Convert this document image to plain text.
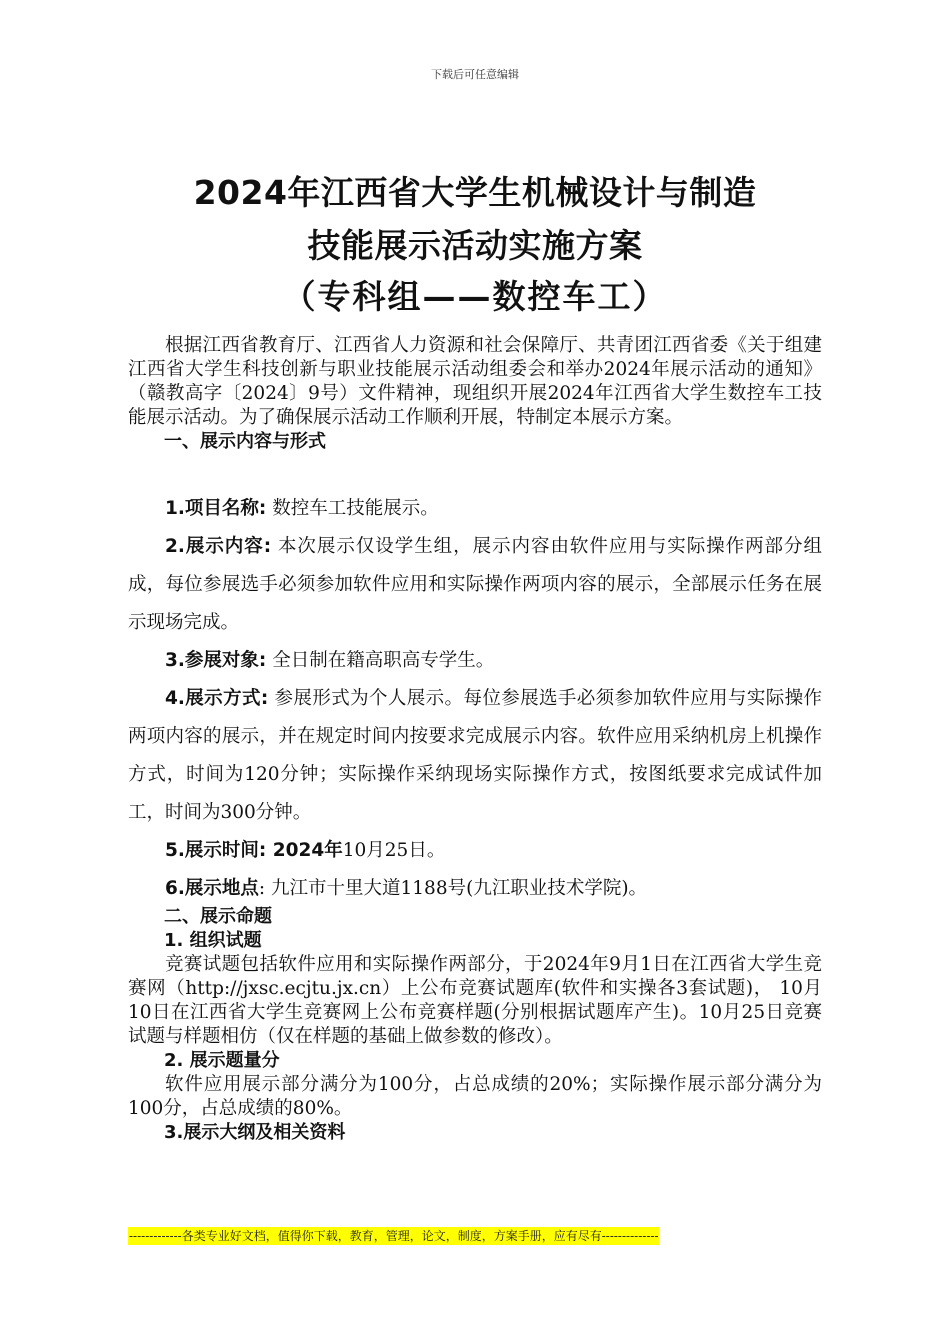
下载后可任意编辑
2024年江西省大学生机械设计与制造
技能展示活动实施方案
（专科组——数控车工）

根据江西省教育厅、江西省人力资源和社会保障厅、共青团江西省委《关于组建江西省大学生科技创新与职业技能展示活动组委会和举办2024年展示活动的通知》（赣教高字〔2024〕9号）文件精神，现组织开展2024年江西省大学生数控车工技能展示活动。为了确保展示活动工作顺利开展，特制定本展示方案。

一、展示内容与形式

1.项目名称: 数控车工技能展示。

2.展示内容: 本次展示仅设学生组，展示内容由软件应用与实际操作两部分组成，每位参展选手必须参加软件应用和实际操作两项内容的展示，全部展示任务在展示现场完成。

3.参展对象: 全日制在籍高职高专学生。

4.展示方式: 参展形式为个人展示。每位参展选手必须参加软件应用与实际操作两项内容的展示，并在规定时间内按要求完成展示内容。软件应用采纳机房上机操作方式，时间为120分钟；实际操作采纳现场实际操作方式，按图纸要求完成试件加工，时间为300分钟。

5.展示时间: 2024年10月25日。

6.展示地点: 九江市十里大道1188号(九江职业技术学院)。

二、展示命题

1. 组织试题

竞赛试题包括软件应用和实际操作两部分，于2024年9月1日在江西省大学生竞赛网（http://jxsc.ecjtu.jx.cn）上公布竞赛试题库(软件和实操各3套试题)， 10月10日在江西省大学生竞赛网上公布竞赛样题(分别根据试题库产生)。10月25日竞赛试题与样题相仿（仅在样题的基础上做参数的修改）。

2. 展示题量分

软件应用展示部分满分为100分，占总成绩的20%；实际操作展示部分满分为100分，占总成绩的80%。

3.展示大纲及相关资料

-------------各类专业好文档，值得你下载，教育，管理，论文，制度，方案手册，应有尽有--------------
